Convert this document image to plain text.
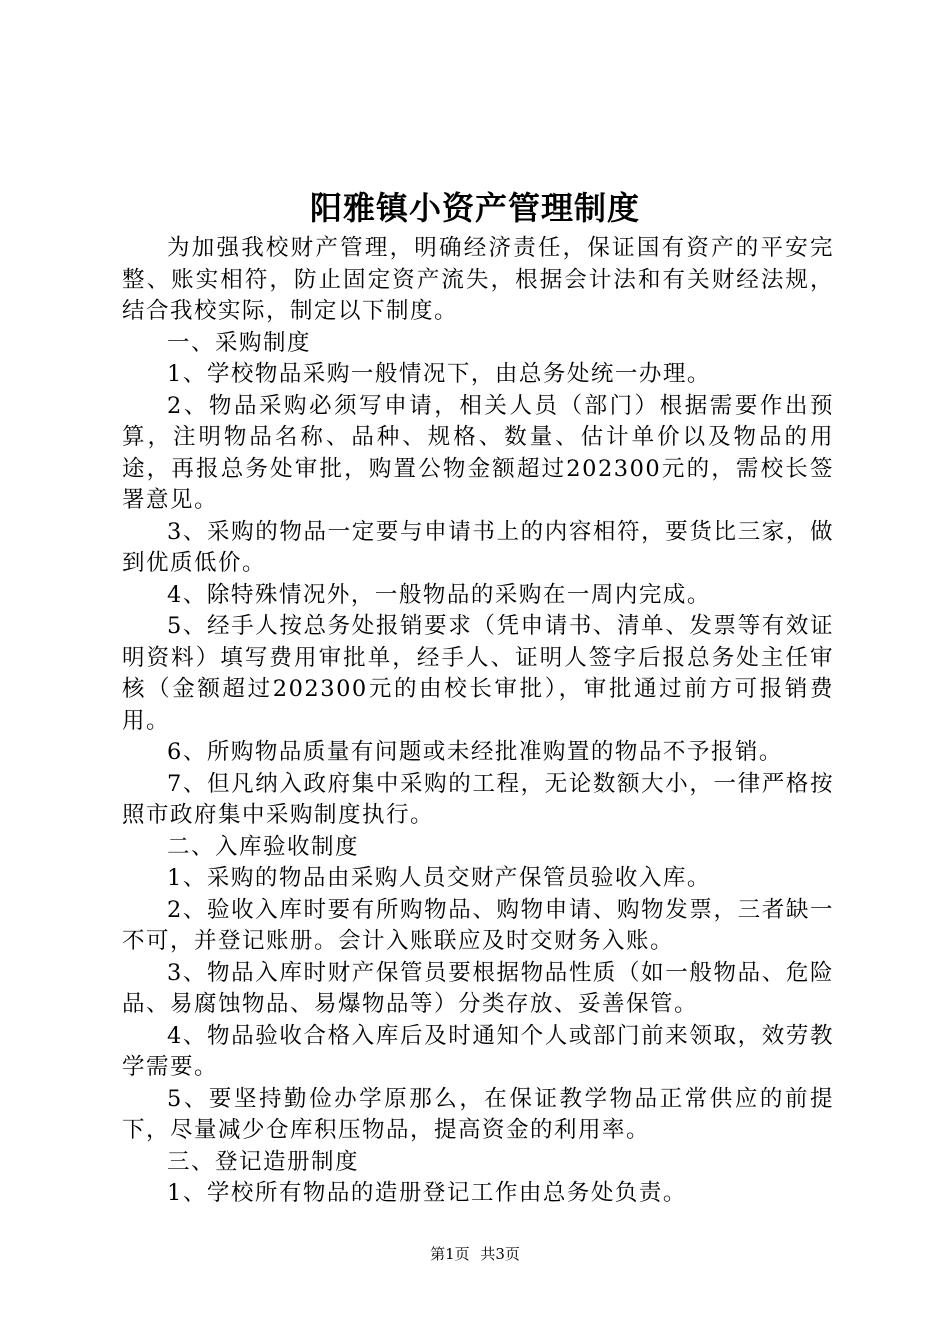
阳雅镇小资产管理制度

为加强我校财产管理，明确经济责任，保证国有资产的平安完整、账实相符，防止固定资产流失，根据会计法和有关财经法规，结合我校实际，制定以下制度。

一、采购制度

1、学校物品采购一般情况下，由总务处统一办理。

2、物品采购必须写申请，相关人员（部门）根据需要作出预算，注明物品名称、品种、规格、数量、估计单价以及物品的用途，再报总务处审批，购置公物金额超过202300元的，需校长签署意见。

3、采购的物品一定要与申请书上的内容相符，要货比三家，做到优质低价。

4、除特殊情况外，一般物品的采购在一周内完成。

5、经手人按总务处报销要求（凭申请书、清单、发票等有效证明资料）填写费用审批单，经手人、证明人签字后报总务处主任审核（金额超过202300元的由校长审批），审批通过前方可报销费用。

6、所购物品质量有问题或未经批准购置的物品不予报销。

7、但凡纳入政府集中采购的工程，无论数额大小，一律严格按照市政府集中采购制度执行。

二、入库验收制度

1、采购的物品由采购人员交财产保管员验收入库。

2、验收入库时要有所购物品、购物申请、购物发票，三者缺一不可，并登记账册。会计入账联应及时交财务入账。

3、物品入库时财产保管员要根据物品性质（如一般物品、危险品、易腐蚀物品、易爆物品等）分类存放、妥善保管。

4、物品验收合格入库后及时通知个人或部门前来领取，效劳教学需要。

5、要坚持勤俭办学原那么，在保证教学物品正常供应的前提下，尽量减少仓库积压物品，提高资金的利用率。

三、登记造册制度

1、学校所有物品的造册登记工作由总务处负责。

第1页 共3页
